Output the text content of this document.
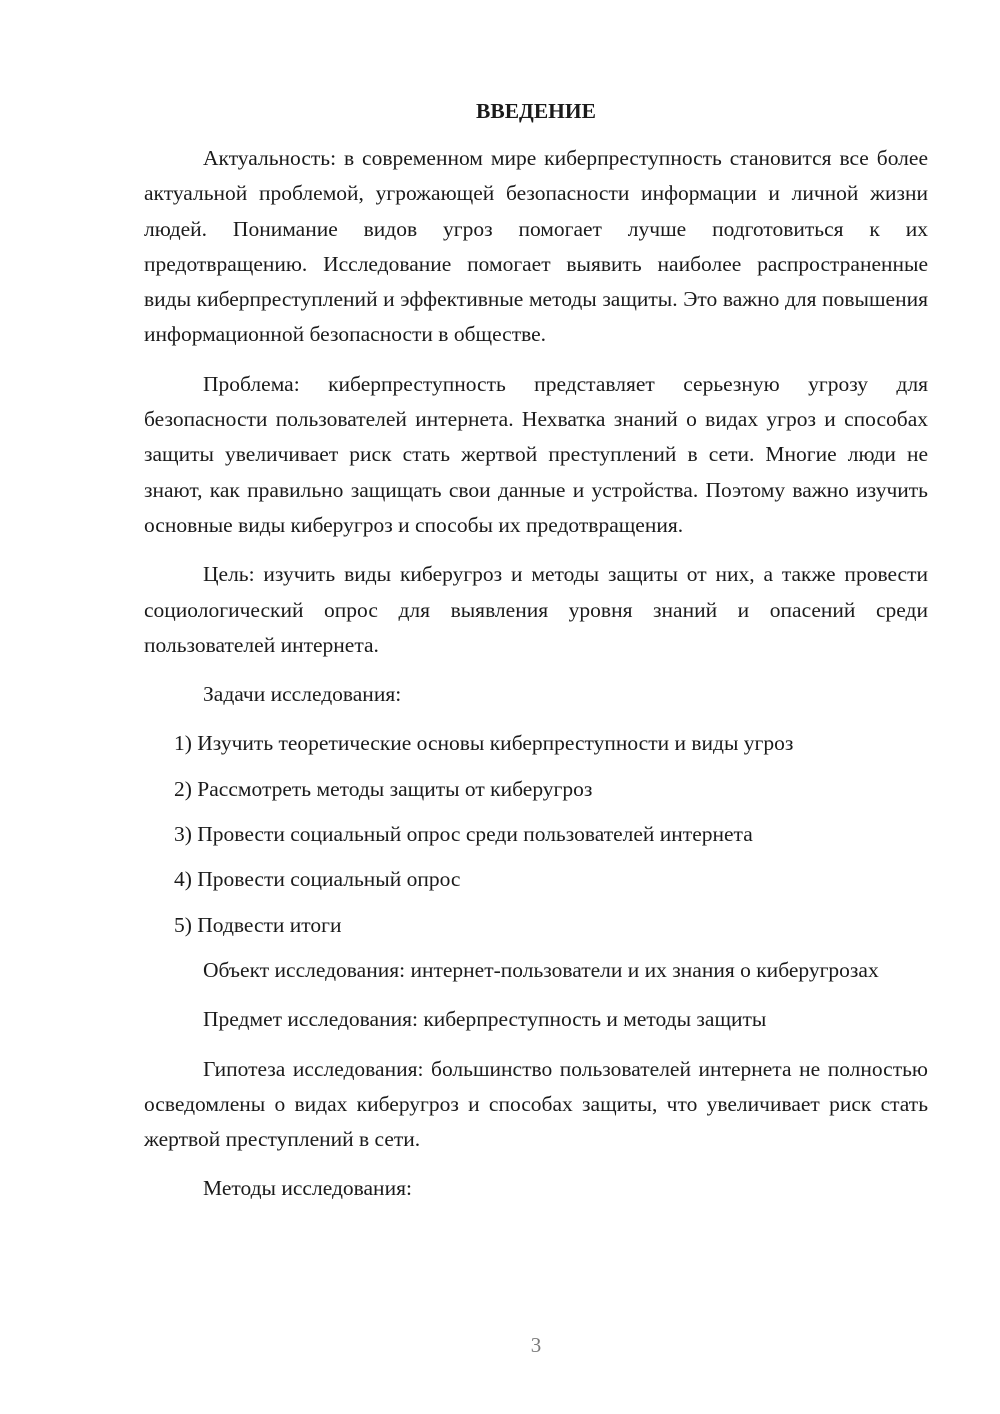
ВВЕДЕНИЕ

Актуальность: в современном мире киберпреступность становится все более актуальной проблемой, угрожающей безопасности информации и личной жизни людей. Понимание видов угроз помогает лучше подготовиться к их предотвращению. Исследование помогает выявить наиболее распространенные виды киберпреступлений и эффективные методы защиты. Это важно для повышения информационной безопасности в обществе.

Проблема: киберпреступность представляет серьезную угрозу для безопасности пользователей интернета. Нехватка знаний о видах угроз и способах защиты увеличивает риск стать жертвой преступлений в сети. Многие люди не знают, как правильно защищать свои данные и устройства. Поэтому важно изучить основные виды киберугроз и способы их предотвращения.

Цель: изучить виды киберугроз и методы защиты от них, а также провести социологический опрос для выявления уровня знаний и опасений среди пользователей интернета.

Задачи исследования:

1) Изучить теоретические основы киберпреступности и виды угроз
2) Рассмотреть методы защиты от киберугроз
3) Провести социальный опрос среди пользователей интернета
4) Провести социальный опрос
5) Подвести итоги

Объект исследования: интернет-пользователи и их знания о киберугрозах

Предмет исследования: киберпреступность и методы защиты

Гипотеза исследования: большинство пользователей интернета не полностью осведомлены о видах киберугроз и способах защиты, что увеличивает риск стать жертвой преступлений в сети.

Методы исследования:

3
